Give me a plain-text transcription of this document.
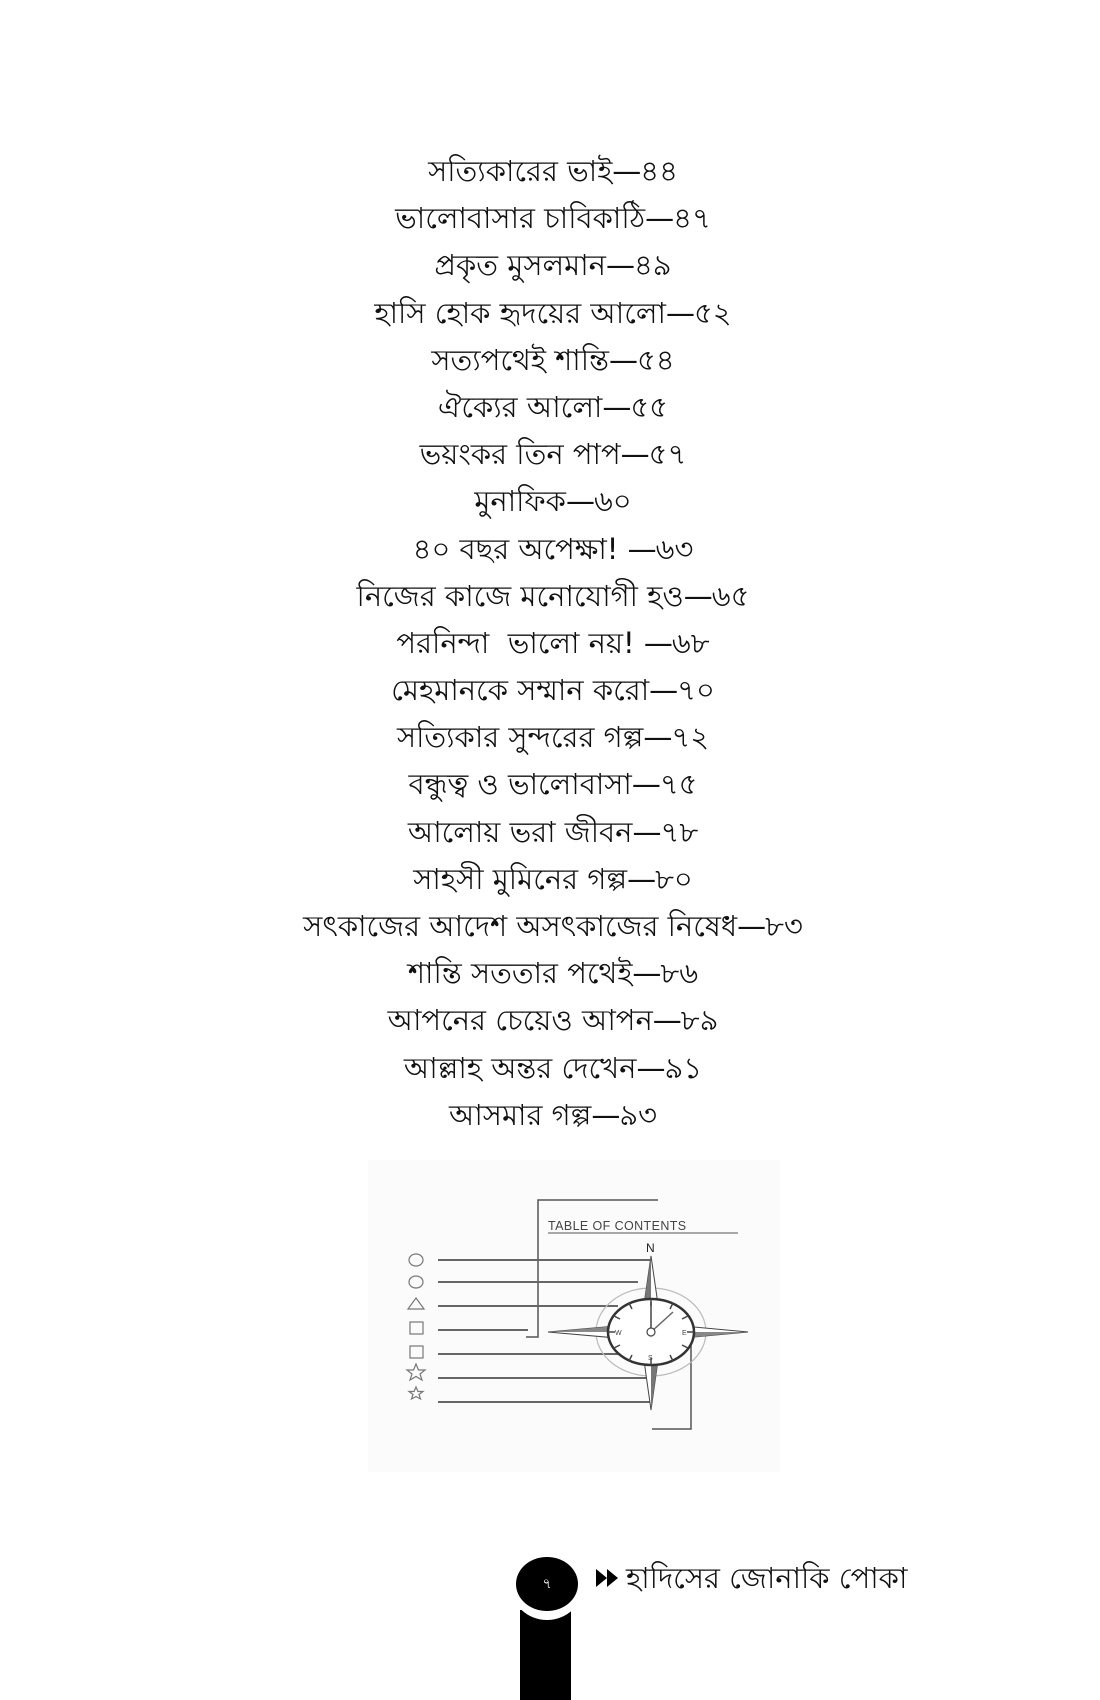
সত্যিকারের ভাই—৪৪
ভালোবাসার চাবিকাঠি—৪৭
প্রকৃত মুসলমান—৪৯
হাসি হোক হৃদয়ের আলো—৫২
সত্যপথেই শান্তি—৫৪
ঐক্যের আলো—৫৫
ভয়ংকর তিন পাপ—৫৭
মুনাফিক—৬০
৪০ বছর অপেক্ষা! —৬৩
নিজের কাজে মনোযোগী হও—৬৫
পরনিন্দা  ভালো নয়! —৬৮
মেহমানকে সম্মান করো—৭০
সত্যিকার সুন্দরের গল্প—৭২
বন্ধুত্ব ও ভালোবাসা—৭৫
আলোয় ভরা জীবন—৭৮
সাহসী মুমিনের গল্প—৮০
সৎকাজের আদেশ অসৎকাজের নিষেধ—৮৩
শান্তি সততার পথেই—৮৬
আপনের চেয়েও আপন—৮৯
আল্লাহ অন্তর দেখেন—৯১
আসমার গল্প—৯৩
TABLE OF CONTENTS
N
S
W	E
৭	হাদিসের জোনাকি পোকা
